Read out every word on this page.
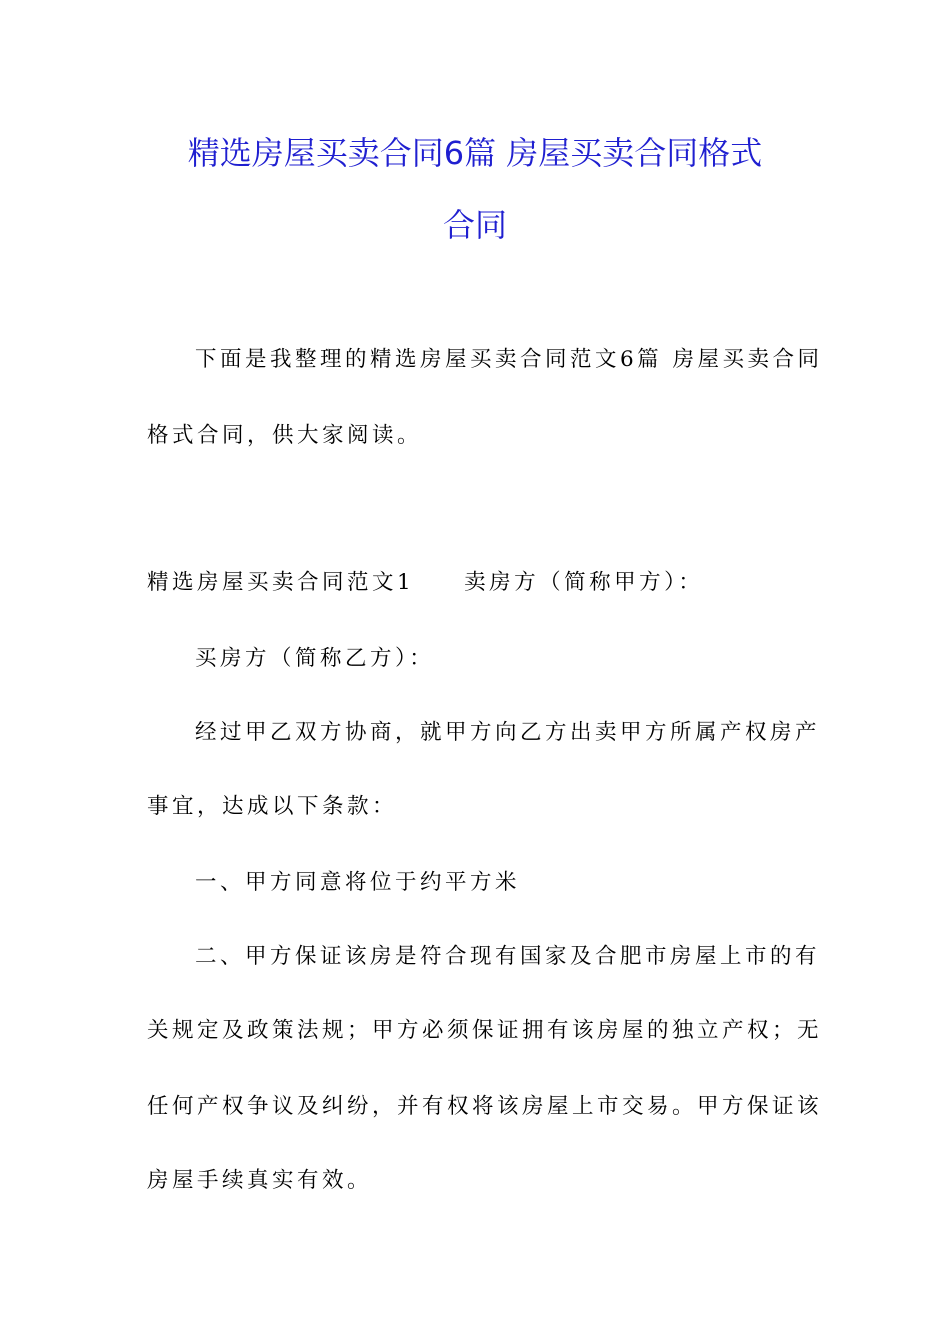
精选房屋买卖合同6篇 房屋买卖合同格式
合同

下面是我整理的精选房屋买卖合同范文6篇 房屋买卖合同

格式合同，供大家阅读。

精选房屋买卖合同范文1　　卖房方（简称甲方）：

买房方（简称乙方）：

经过甲乙双方协商，就甲方向乙方出卖甲方所属产权房产

事宜，达成以下条款：

一、甲方同意将位于约平方米

二、甲方保证该房是符合现有国家及合肥市房屋上市的有

关规定及政策法规；甲方必须保证拥有该房屋的独立产权；无

任何产权争议及纠纷，并有权将该房屋上市交易。甲方保证该

房屋手续真实有效。
